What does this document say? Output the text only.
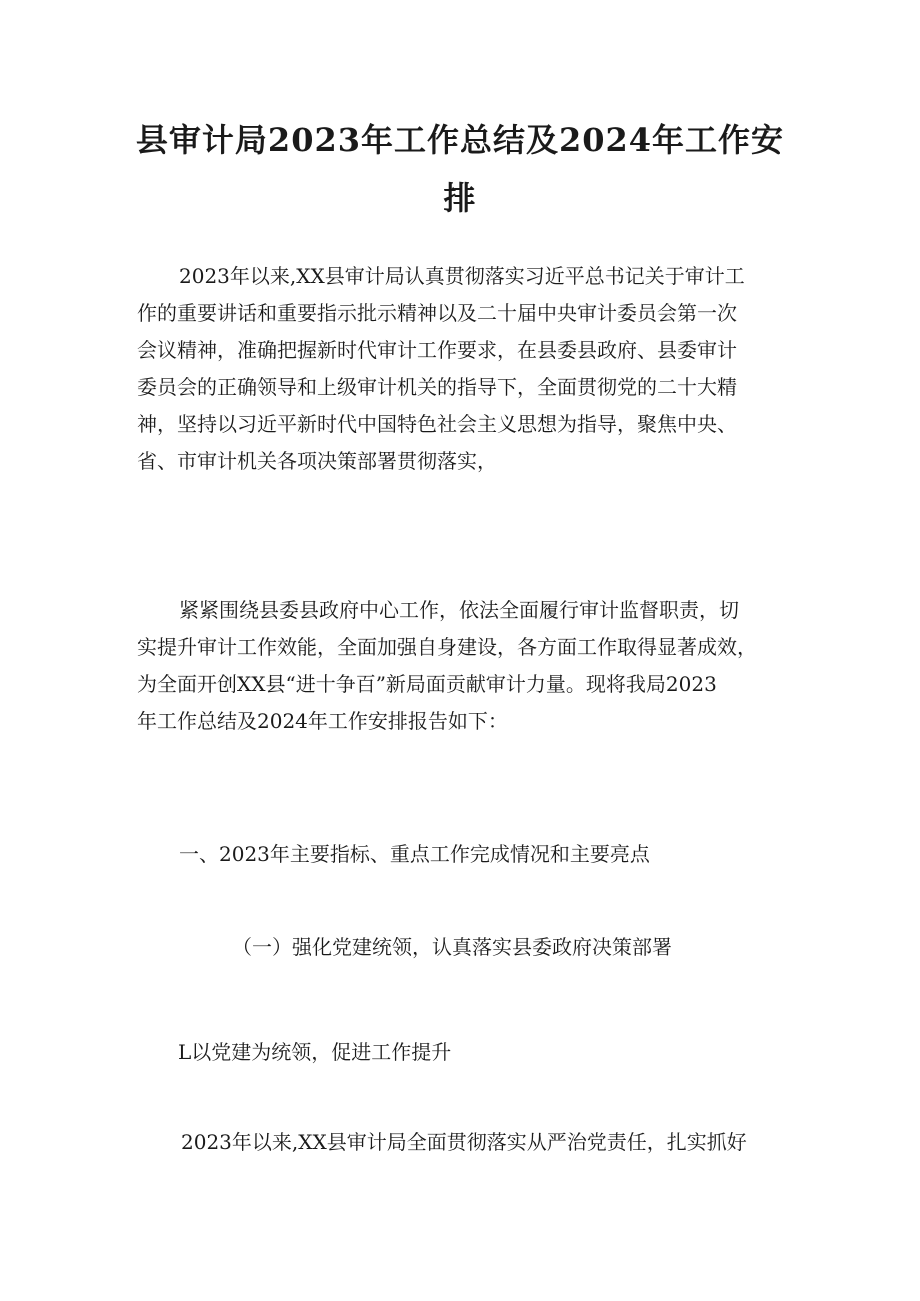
县审计局2023年工作总结及2024年工作安
排
2023年以来,XX县审计局认真贯彻落实习近平总书记关于审计工
作的重要讲话和重要指示批示精神以及二十届中央审计委员会第一次
会议精神，准确把握新时代审计工作要求，在县委县政府、县委审计
委员会的正确领导和上级审计机关的指导下，全面贯彻党的二十大精
神，坚持以习近平新时代中国特色社会主义思想为指导，聚焦中央、
省、市审计机关各项决策部署贯彻落实，
紧紧围绕县委县政府中心工作，依法全面履行审计监督职责，切
实提升审计工作效能，全面加强自身建设，各方面工作取得显著成效，
为全面开创XX县“进十争百”新局面贡献审计力量。现将我局2023
年工作总结及2024年工作安排报告如下：
一、2023年主要指标、重点工作完成情况和主要亮点
（一）强化党建统领，认真落实县委政府决策部署
L以党建为统领，促进工作提升
2023年以来,XX县审计局全面贯彻落实从严治党责任，扎实抓好
